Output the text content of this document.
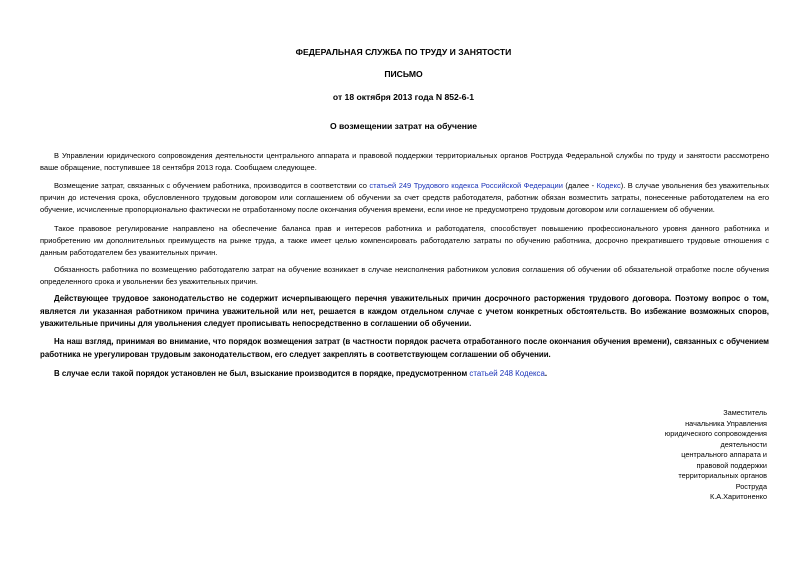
ФЕДЕРАЛЬНАЯ СЛУЖБА ПО ТРУДУ И ЗАНЯТОСТИ

ПИСЬМО

от 18 октября 2013 года N 852-6-1

О возмещении затрат на обучение

В Управлении юридического сопровождения деятельности центрального аппарата и правовой поддержки территориальных органов Роструда Федеральной службы по труду и занятости рассмотрено ваше обращение, поступившее 18 сентября 2013 года. Сообщаем следующее.

Возмещение затрат, связанных с обучением работника, производится в соответствии со статьей 249 Трудового кодекса Российской Федерации (далее - Кодекс). В случае увольнения без уважительных причин до истечения срока, обусловленного трудовым договором или соглашением об обучении за счет средств работодателя, работник обязан возместить затраты, понесенные работодателем на его обучение, исчисленные пропорционально фактически не отработанному после окончания обучения времени, если иное не предусмотрено трудовым договором или соглашением об обучении.

Такое правовое регулирование направлено на обеспечение баланса прав и интересов работника и работодателя, способствует повышению профессионального уровня данного работника и приобретению им дополнительных преимуществ на рынке труда, а также имеет целью компенсировать работодателю затраты по обучению работника, досрочно прекратившего трудовые отношения с данным работодателем без уважительных причин.

Обязанность работника по возмещению работодателю затрат на обучение возникает в случае неисполнения работником условия соглашения об обучении об обязательной отработке после обучения определенного срока и увольнении без уважительных причин.

Действующее трудовое законодательство не содержит исчерпывающего перечня уважительных причин досрочного расторжения трудового договора. Поэтому вопрос о том, является ли указанная работником причина уважительной или нет, решается в каждом отдельном случае с учетом конкретных обстоятельств. Во избежание возможных споров, уважительные причины для увольнения следует прописывать непосредственно в соглашении об обучении.

На наш взгляд, принимая во внимание, что порядок возмещения затрат (в частности порядок расчета отработанного после окончания обучения времени), связанных с обучением работника не урегулирован трудовым законодательством, его следует закреплять в соответствующем соглашении об обучении.

В случае если такой порядок установлен не был, взыскание производится в порядке, предусмотренном статьей 248 Кодекса.

Заместитель
начальника Управления
юридического сопровождения
деятельности
центрального аппарата и
правовой поддержки
территориальных органов
Роструда
К.А.Харитоненко
